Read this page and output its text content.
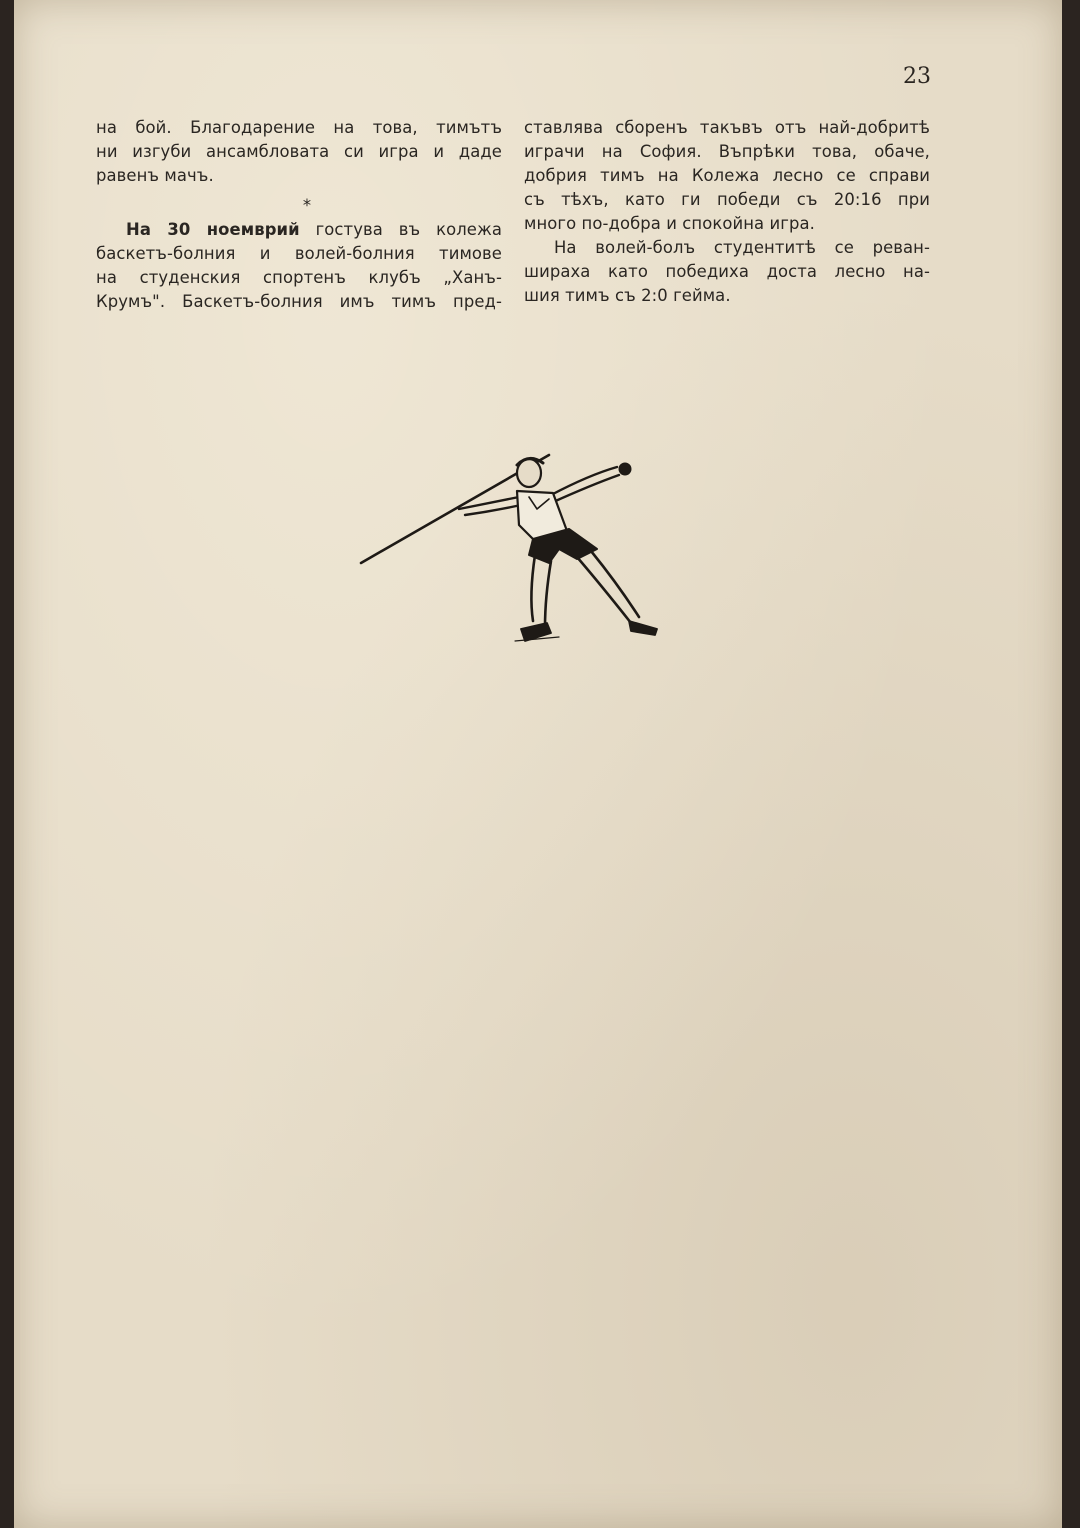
23
на бой. Благодарение на това, тимътъ
ни изгуби ансамбловата си игра и даде
равенъ мачъ.
*
На 30 ноемврий гостува въ колежа
баскетъ-болния и волей-болния тимове
на студенския спортенъ клубъ „Ханъ-
Крумъ". Баскетъ-болния имъ тимъ пред-
ставлява сборенъ такъвъ отъ най-добритѣ
играчи на София. Въпрѣки това, обаче,
добрия тимъ на Колежа лесно се справи
съ тѣхъ, като ги победи съ 20:16 при
много по-добра и спокойна игра.
На волей-болъ студентитѣ се реван-
шираха като победиха доста лесно на-
шия тимъ съ 2:0 гейма.
